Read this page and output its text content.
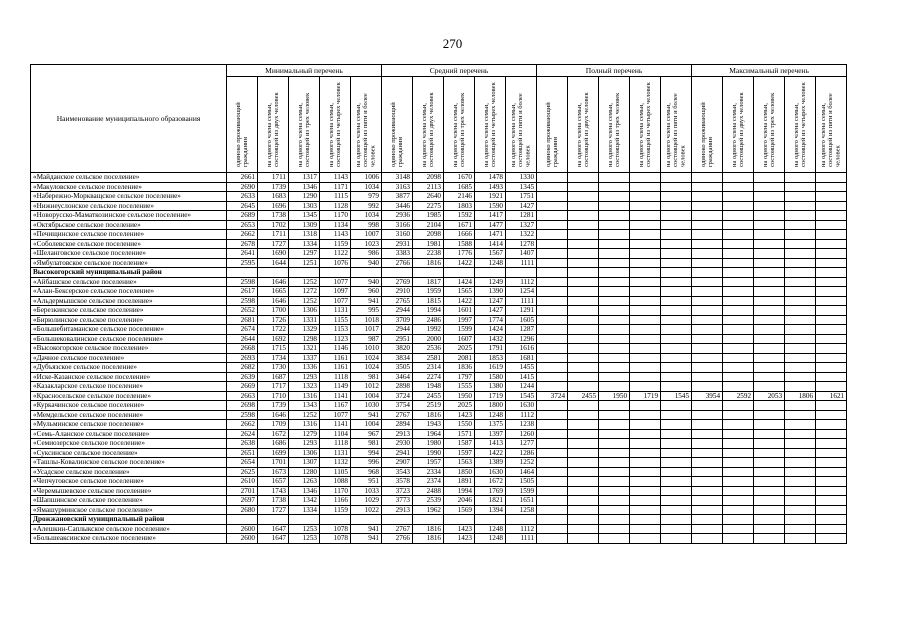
270
Наименование муниципального образования	Минимальный перечень					Средний перечень					Полный перечень					Максимальный перечень				
	одиноко проживающий гражданин	на одного члена семьи, состоящей из двух человек	на одного члена семьи, состоящей из трех человек	на одного члена семьи, состоящей из четырех человек	на одного члена семьи, состоящей из пяти и более человек	одиноко проживающий гражданин	на одного члена семьи, состоящей из двух человек	на одного члена семьи, состоящей из трех человек	на одного члена семьи, состоящей из четырех человек	на одного члена семьи, состоящей из пяти и более человек	одиноко проживающий гражданин	на одного члена семьи, состоящей из двух человек	на одного члена семьи, состоящей из трех человек	на одного члена семьи, состоящей из четырех человек	на одного члена семьи, состоящей из пяти и более человек	одиноко проживающий гражданин	на одного члена семьи, состоящей из двух человек	на одного члена семьи, состоящей из трех человек	на одного члена семьи, состоящей из четырех человек	на одного члена семьи, состоящей из пяти и более человек
«Майданское сельское поселение»	2661	1711	1317	1143	1006	3148	2098	1670	1478	1330										
«Макуловское сельское поселение»	2690	1739	1346	1171	1034	3163	2113	1685	1493	1345										
«Набережно-Моркващское сельское поселение»	2633	1683	1290	1115	979	3877	2640	2146	1921	1751										
«Нижнеуслонское сельское поселение»	2645	1696	1303	1128	992	3446	2275	1803	1590	1427										
«Новорусско-Маматкозинское сельское поселение»	2689	1738	1345	1170	1034	2936	1985	1592	1417	1281										
«Октябрьское сельское поселение»	2653	1702	1309	1134	998	3166	2104	1671	1477	1327										
«Печищинское сельское поселение»	2662	1711	1318	1143	1007	3160	2098	1666	1471	1322										
«Соболевское сельское поселение»	2678	1727	1334	1159	1023	2931	1981	1588	1414	1278										
«Шеланговское сельское поселение»	2641	1690	1297	1122	986	3383	2238	1776	1567	1407										
«Ямбулатовское сельское поселение»	2595	1644	1251	1076	940	2766	1816	1422	1248	1111										
Высокогорский муниципальный район																				
«Айбашское сельское поселение»	2598	1646	1252	1077	940	2769	1817	1424	1249	1112										
«Алан-Бексерское сельское поселение»	2617	1665	1272	1097	960	2910	1959	1565	1390	1254										
«Альдермышское сельское поселение»	2598	1646	1252	1077	941	2765	1815	1422	1247	1111										
«Березкинское сельское поселение»	2652	1700	1306	1131	995	2944	1994	1601	1427	1291										
«Бирюлинское сельское поселение»	2681	1726	1331	1155	1018	3709	2486	1997	1774	1605										
«Большебитаманское сельское поселение»	2674	1722	1329	1153	1017	2944	1992	1599	1424	1287										
«Большековалинское сельское поселение»	2644	1692	1298	1123	987	2951	2000	1607	1432	1296										
«Высокогорское сельское поселение»	2668	1715	1321	1146	1010	3820	2536	2025	1791	1616										
«Дачное сельское поселение»	2693	1734	1337	1161	1024	3834	2581	2081	1853	1681										
«Дубъязское сельское поселение»	2682	1730	1336	1161	1024	3505	2314	1836	1619	1455										
«Иске-Казанское сельское поселение»	2639	1687	1293	1118	981	3464	2274	1797	1580	1415										
«Казакларское сельское поселение»	2669	1717	1323	1149	1012	2898	1948	1555	1380	1244										
«Красносельское сельское поселение»	2663	1710	1316	1141	1004	3724	2455	1950	1719	1545	3724	2455	1950	1719	1545	3954	2592	2053	1806	1621
«Куркачинское сельское поселение»	2698	1739	1343	1167	1030	3754	2519	2025	1800	1630										
«Мемдельское сельское поселение»	2598	1646	1252	1077	941	2767	1816	1423	1248	1112										
«Мульминское сельское поселение»	2662	1709	1316	1141	1004	2894	1943	1550	1375	1238										
«Семь-Аланское сельское поселение»	2624	1672	1279	1104	967	2913	1964	1571	1397	1260										
«Семиозерское сельское поселение»	2638	1686	1293	1118	981	2930	1980	1587	1413	1277										
«Суксинское сельское поселение»	2651	1699	1306	1131	994	2941	1990	1597	1422	1286										
«Ташлы-Ковалинское сельское поселение»	2654	1701	1307	1132	996	2907	1957	1563	1389	1252										
«Усадское сельское поселение»	2625	1673	1280	1105	968	3543	2334	1850	1630	1464										
«Чепчуговское сельское поселение»	2610	1657	1263	1088	951	3578	2374	1891	1672	1505										
«Черемышевское сельское поселение»	2701	1743	1346	1170	1033	3723	2488	1994	1769	1599										
«Шапшинское сельское поселение»	2697	1738	1342	1166	1029	3773	2539	2046	1821	1651										
«Ямашурминское сельское поселение»	2680	1727	1334	1159	1022	2913	1962	1569	1394	1258										
Дрожжановский муниципальный район																				
«Алешкин-Саплыкское сельское поселение»	2600	1647	1253	1078	941	2767	1816	1423	1248	1112										
«Большеаксинское сельское поселение»	2600	1647	1253	1078	941	2766	1816	1423	1248	1111										
